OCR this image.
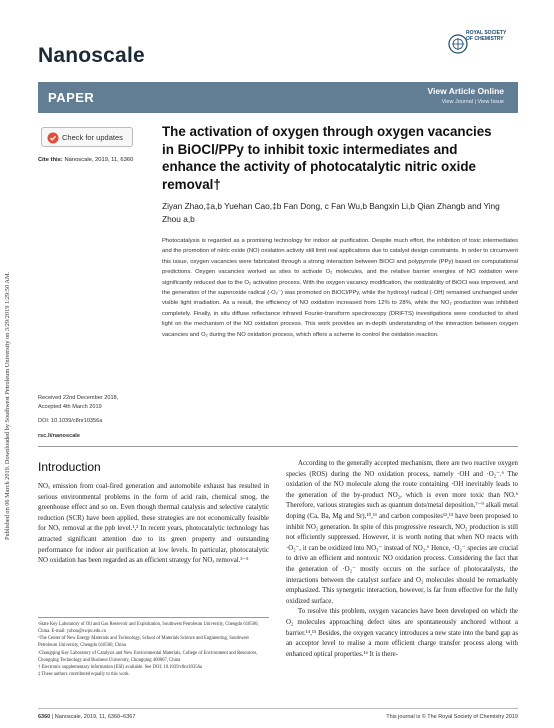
Published on 06 March 2019. Downloaded by Southwest Petroleum University on 3/29/2019 1:29:50 AM.
Nanoscale
ROYAL SOCIETY OF CHEMISTRY
PAPER	View Article Online
View Journal | View Issue
Check for updates
Cite this: Nanoscale, 2019, 11, 6360
The activation of oxygen through oxygen vacancies in BiOCl/PPy to inhibit toxic intermediates and enhance the activity of photocatalytic nitric oxide removal†
Ziyan Zhao,‡a,b Yuehan Cao,‡b Fan Dong, c Fan Wu,b Bangxin Li,b Qian Zhangb and Ying Zhou a,b
Photocatalysis is regarded as a promising technology for indoor air purification. Despite much effort, the inhibition of toxic intermediates and the promotion of nitric oxide (NO) oxidation activity still limit real applications due to catalyst design constraints. In order to circumvent this issue, oxygen vacancies were fabricated through a strong interaction between BiOCl and polypyrrole (PPy) based on computational predictions. Oxygen vacancies worked as sites to activate O₂ molecules, and the relative barrier energies of NO oxidation were significantly reduced due to the O₂ activation process. With the oxygen vacancy modification, the oxidizability of BiOCl was improved, and the generation of the superoxide radical (·O₂⁻) was promoted on BiOCl/PPy, while the hydroxyl radical (·OH) remained unchanged under visible light irradiation. As a result, the efficiency of NO oxidation increased from 12% to 28%, while the NO₂ production was inhibited completely. Finally, in situ diffuse reflectance infrared Fourier-transform spectroscopy (DRIFTS) investigations were conducted to shed light on the mechanism of the NO oxidation process. This work provides an in-depth understanding of the interaction between oxygen vacancies and O₂ during the NO oxidation process, which offers a scheme to control the oxidation reaction.
Received 22nd December 2018,
Accepted 4th March 2019
DOI: 10.1039/c8nr10356a
rsc.li/nanoscale
Introduction

NOₓ emission from coal-fired generation and automobile exhaust has resulted in serious environmental problems in the form of acid rain, chemical smog, the greenhouse effect and so on. Even though thermal catalysis and selective catalytic reduction (SCR) have been applied, these strategies are not economically feasible for NOₓ removal at the ppb level.¹,² In recent years, photocatalytic technology has attracted significant attention due to its green property and outstanding performance for indoor air purification at low levels. In particular, photocatalytic NO oxidation has been regarded as an efficient strategy for NOₓ removal.³⁻⁵

According to the generally accepted mechanism, there are two reactive oxygen species (ROS) during the NO oxidation process, namely ·OH and ·O₂⁻.⁶ The oxidation of the NO molecule along the route containing ·OH inevitably leads to the generation of the by-product NO₂, which is even more toxic than NO.⁶ Therefore, various strategies such as quantum dots/metal deposition,⁷⁻⁹ alkali metal doping (Ca, Ba, Mg and Sr),¹⁰,¹¹ and carbon composites¹²,¹³ have been proposed to inhibit NO₂ generation. In spite of this progressive research, NO₂ production is still not efficiently suppressed. However, it is worth noting that when NO reacts with ·O₂⁻, it can be oxidized into NO₃⁻ instead of NO₂.⁶ Hence, ·O₂⁻ species are crucial to drive an efficient and nontoxic NO oxidation process. Considering the fact that the generation of ·O₂⁻ mostly occurs on the surface of photocatalysts, the interactions between the catalyst surface and O₂ molecules should be remarkably emphasized. This synergetic interaction, however, is far from effective for the fully oxidized surface.

To resolve this problem, oxygen vacancies have been developed on which the O₂ molecules approaching defect sites are spontaneously anchored without a barrier.¹⁴,¹⁵ Besides, the oxygen vacancy introduces a new state into the band gap as an acceptor level to realise a more efficient charge transfer process along with enhanced optical properties.¹⁶ It is there-

ᵃState Key Laboratory of Oil and Gas Reservoir and Exploitation, Southwest Petroleum University, Chengdu 610500, China. E-mail: yzhou@swpu.edu.cn

ᵇThe Center of New Energy Materials and Technology, School of Materials Science and Engineering, Southwest Petroleum University, Chengdu 610500, China

ᶜChongqing Key Laboratory of Catalysis and New Environmental Materials, College of Environment and Resources, Chongqing Technology and Business University, Chongqing 400067, China

† Electronic supplementary information (ESI) available. See DOI: 10.1039/c8nr10356a

‡ These authors contributed equally to this work.

6360 | Nanoscale, 2019, 11, 6360–6367	This journal is © The Royal Society of Chemistry 2019
